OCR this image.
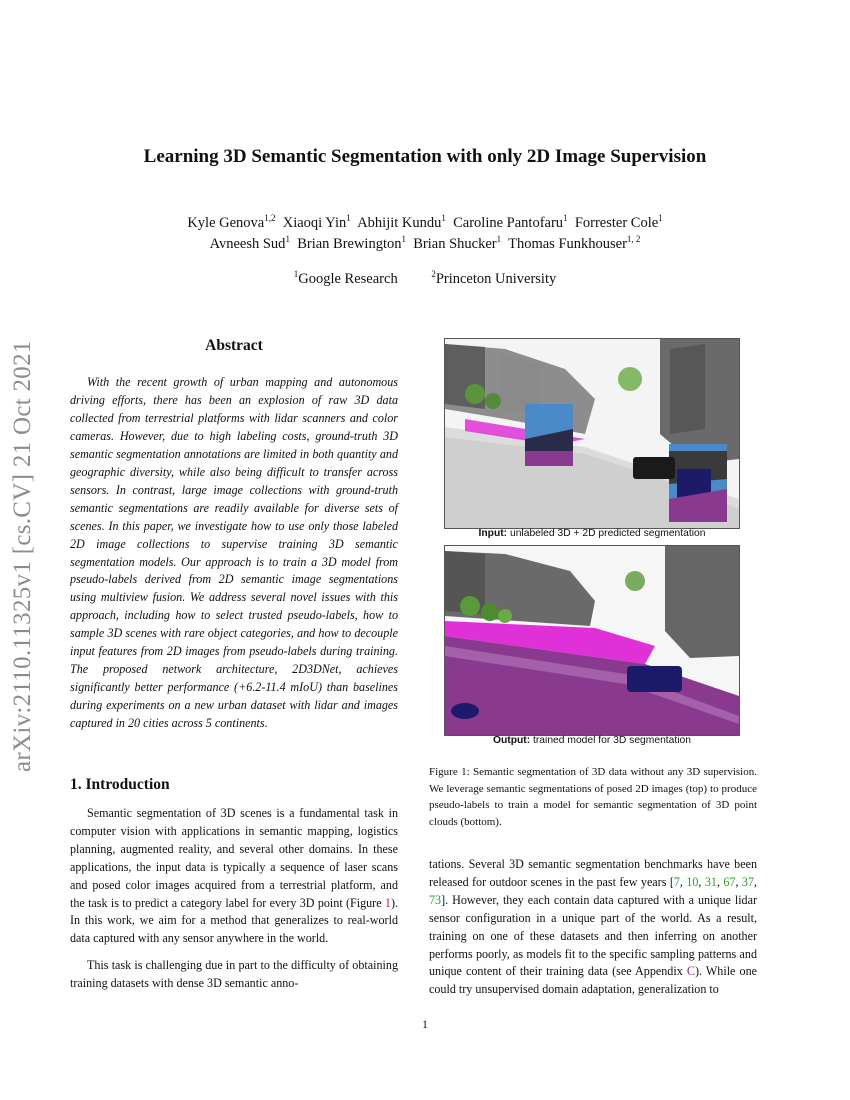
Learning 3D Semantic Segmentation with only 2D Image Supervision
Kyle Genova$^{1,2}$ Xiaoqi Yin$^1$ Abhijit Kundu$^1$ Caroline Pantofaru$^1$ Forrester Cole$^1$
Avneesh Sud$^1$ Brian Brewington$^1$ Brian Shucker$^1$ Thomas Funkhouser$^{1, 2}$
$^1$Google Research	$^2$Princeton University
arXiv:2110.11325v1 [cs.CV] 21 Oct 2021	Abstract

With the recent growth of urban mapping and autonomous driving efforts, there has been an explosion of raw 3D data collected from terrestrial platforms with lidar scanners and color cameras. However, due to high labeling costs, ground-truth 3D semantic segmentation annotations are limited in both quantity and geographic diversity, while also being difficult to transfer across sensors. In contrast, large image collections with ground-truth semantic segmentations are readily available for diverse sets of scenes. In this paper, we investigate how to use only those labeled 2D image collections to supervise training 3D semantic segmentation models. Our approach is to train a 3D model from pseudo-labels derived from 2D semantic image segmentations using multiview fusion. We address several novel issues with this approach, including how to select trusted pseudo-labels, how to sample 3D scenes with rare object categories, and how to decouple input features from 2D images from pseudo-labels during training. The proposed network architecture, 2D3DNet, achieves significantly better performance (+6.2-11.4 mIoU) than baselines during experiments on a new urban dataset with lidar and images captured in 20 cities across 5 continents.

1. Introduction

Semantic segmentation of 3D scenes is a fundamental task in computer vision with applications in semantic mapping, logistics planning, augmented reality, and several other domains. In these applications, the input data is typically a sequence of laser scans and posed color images acquired from a terrestrial platform, and the task is to predict a category label for every 3D point (Figure 1). In this work, we aim for a method that generalizes to real-world data captured with any sensor anywhere in the world.

This task is challenging due in part to the difficulty of obtaining training datasets with dense 3D semantic anno-

Input: unlabeled 3D + 2D predicted segmentation
Output: trained model for 3D segmentation

Figure 1: Semantic segmentation of 3D data without any 3D supervision. We leverage semantic segmentations of posed 2D images (top) to produce pseudo-labels to train a model for semantic segmentation of 3D point clouds (bottom).

tations. Several 3D semantic segmentation benchmarks have been released for outdoor scenes in the past few years [7, 10, 31, 67, 37, 73]. However, they each contain data captured with a unique lidar sensor configuration in a unique part of the world. As a result, training on one of these datasets and then inferring on another performs poorly, as models fit to the specific sampling patterns and unique content of their training data (see Appendix C). While one could try unsupervised domain adaptation, generalization to

1
